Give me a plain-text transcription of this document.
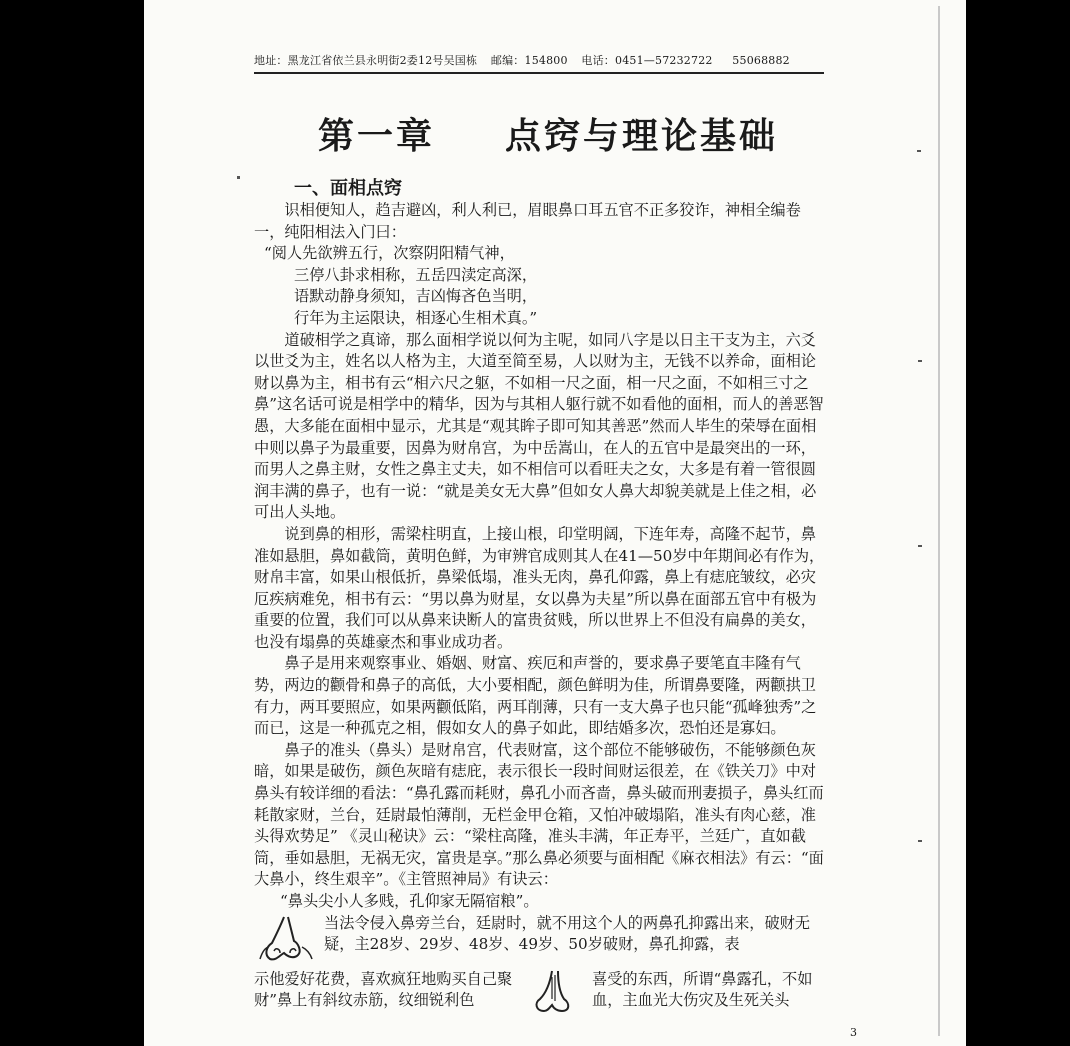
地址：黑龙江省依兰县永明街2委12号吴国栋 邮编：154800 电话：0451—57232722 55068882
第一章 点窍与理论基础
一、面相点窍

识相便知人，趋吉避凶，利人利已，眉眼鼻口耳五官不正多狡诈，神相全编卷一，纯阳相法入门曰：

“阅人先欲辨五行，次察阴阳精气神，
三停八卦求相称，五岳四渎定高深，
语默动静身须知，吉凶悔吝色当明，
行年为主运限诀，相逐心生相术真。”

道破相学之真谛，那么面相学说以何为主呢，如同八字是以日主干支为主，六爻以世爻为主，姓名以人格为主，大道至简至易，人以财为主，无钱不以养命，面相论财以鼻为主，相书有云“相六尺之躯，不如相一尺之面，相一尺之面，不如相三寸之鼻”这名话可说是相学中的精华，因为与其相人躯行就不如看他的面相，而人的善恶智愚，大多能在面相中显示，尤其是“观其眸子即可知其善恶”然而人毕生的荣辱在面相中则以鼻子为最重要，因鼻为财帛宫，为中岳嵩山，在人的五官中是最突出的一环，而男人之鼻主财，女性之鼻主丈夫，如不相信可以看旺夫之女，大多是有着一管很圆润丰满的鼻子，也有一说：“就是美女无大鼻”但如女人鼻大却貌美就是上佳之相，必可出人头地。

说到鼻的相形，需梁柱明直，上接山根，印堂明阔，下连年寿，高隆不起节，鼻准如悬胆，鼻如截筒，黄明色鲜，为审辨官成则其人在41—50岁中年期间必有作为，财帛丰富，如果山根低折，鼻梁低塌，准头无肉，鼻孔仰露，鼻上有痣庇皱纹，必灾厄疾病难免，相书有云：“男以鼻为财星，女以鼻为夫星”所以鼻在面部五官中有极为重要的位置，我们可以从鼻来诀断人的富贵贫贱，所以世界上不但没有扁鼻的美女，也没有塌鼻的英雄豪杰和事业成功者。

鼻子是用来观察事业、婚姻、财富、疾厄和声誉的，要求鼻子要笔直丰隆有气势，两边的颧骨和鼻子的高低，大小要相配，颜色鲜明为佳，所谓鼻要隆，两颧拱卫有力，两耳要照应，如果两颧低陷，两耳削薄，只有一支大鼻子也只能“孤峰独秀”之而已，这是一种孤克之相，假如女人的鼻子如此，即结婚多次，恐怕还是寡妇。

鼻子的准头（鼻头）是财帛宫，代表财富，这个部位不能够破伤，不能够颜色灰暗，如果是破伤，颜色灰暗有痣庇，表示很长一段时间财运很差，在《铁关刀》中对鼻头有较详细的看法：“鼻孔露而耗财，鼻孔小而吝啬，鼻头破而刑妻损子，鼻头红而耗散家财，兰台，廷尉最怕薄削，无栏金甲仓箱，又怕冲破塌陷，准头有肉心慈，准头得欢势足” 《灵山秘诀》云：“梁柱高隆，准头丰满，年正寿平，兰廷广，直如截筒，垂如悬胆，无祸无灾，富贵是享。”那么鼻必须要与面相配《麻衣相法》有云：“面大鼻小，终生艰辛”。《主管照神局》有诀云：

“鼻头尖小人多贱，孔仰家无隔宿粮”。
当法令侵入鼻旁兰台，廷尉时，就不用这个人的两鼻孔抑露出来，破财无疑，主28岁、29岁、48岁、49岁、50岁破财，鼻孔抑露，表
示他爱好花费，喜欢疯狂地购买自己聚财”鼻上有斜纹赤筋，纹细锐利色
喜受的东西，所谓“鼻露孔，不如血，主血光大伤灾及生死关头
3
